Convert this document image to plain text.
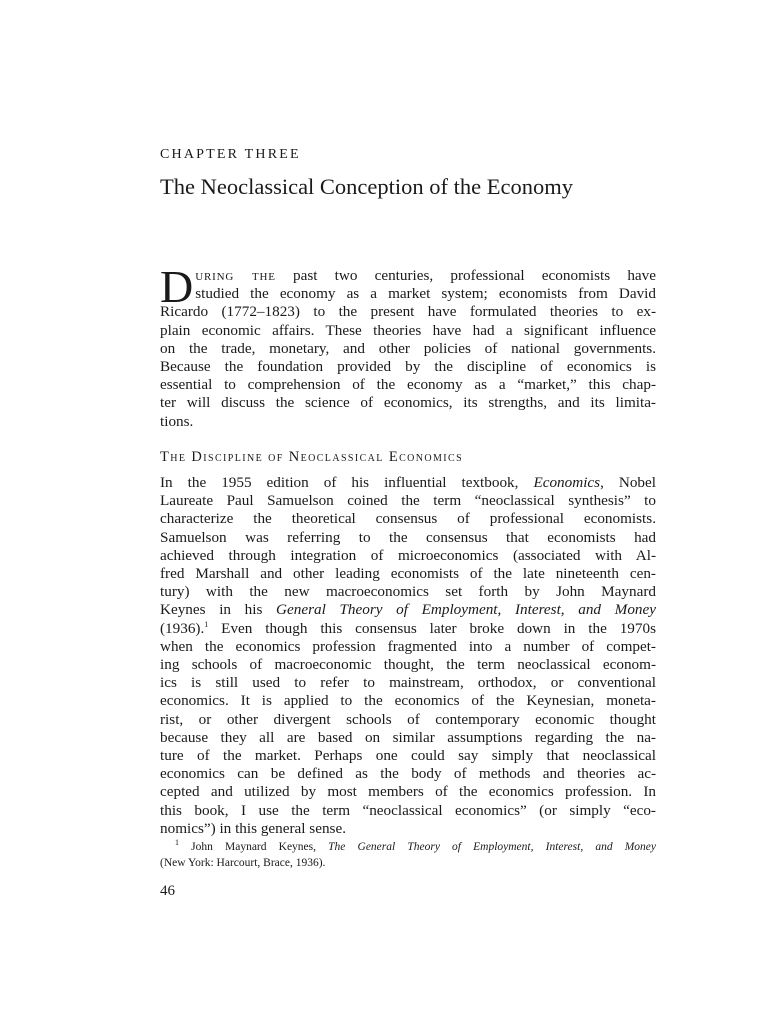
CHAPTER THREE
The Neoclassical Conception of the Economy
D uring the past two centuries, professional economists have
studied the economy as a market system; economists from David
Ricardo (1772–1823) to the present have formulated theories to ex-
plain economic affairs. These theories have had a significant influence
on the trade, monetary, and other policies of national governments.
Because the foundation provided by the discipline of economics is
essential to comprehension of the economy as a “market,” this chap-
ter will discuss the science of economics, its strengths, and its limita-
tions.
The Discipline of Neoclassical Economics
In the 1955 edition of his influential textbook, Economics, Nobel
Laureate Paul Samuelson coined the term “neoclassical synthesis” to
characterize the theoretical consensus of professional economists.
Samuelson was referring to the consensus that economists had
achieved through integration of microeconomics (associated with Al-
fred Marshall and other leading economists of the late nineteenth cen-
tury) with the new macroeconomics set forth by John Maynard
Keynes in his General Theory of Employment, Interest, and Money
(1936).$^1$ Even though this consensus later broke down in the 1970s
when the economics profession fragmented into a number of compet-
ing schools of macroeconomic thought, the term neoclassical econom-
ics is still used to refer to mainstream, orthodox, or conventional
economics. It is applied to the economics of the Keynesian, moneta-
rist, or other divergent schools of contemporary economic thought
because they all are based on similar assumptions regarding the na-
ture of the market. Perhaps one could say simply that neoclassical
economics can be defined as the body of methods and theories ac-
cepted and utilized by most members of the economics profession. In
this book, I use the term “neoclassical economics” (or simply “eco-
nomics”) in this general sense.
$^1$ John Maynard Keynes, The General Theory of Employment, Interest, and Money
(New York: Harcourt, Brace, 1936).
46
